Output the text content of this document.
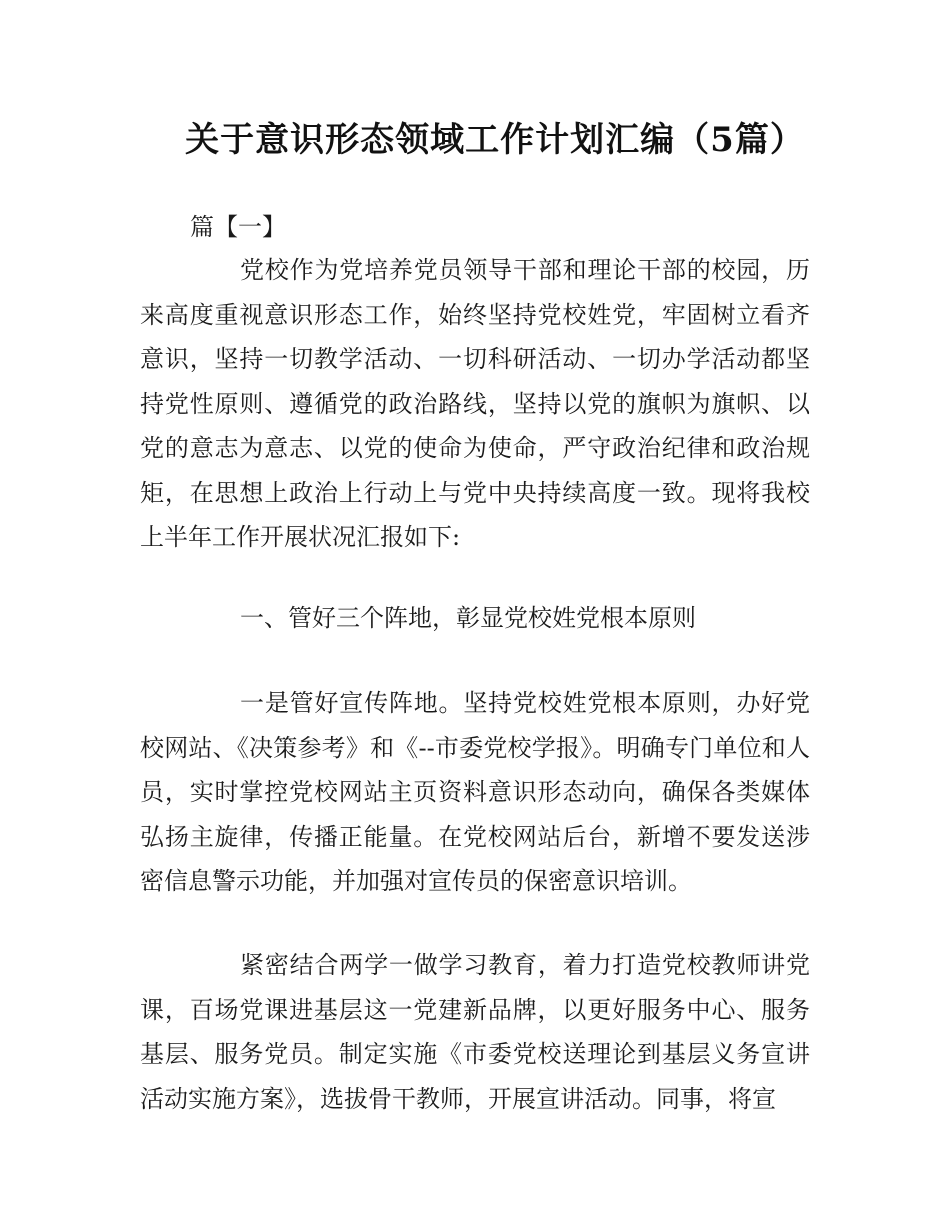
关于意识形态领域工作计划汇编（5篇）
篇【一】

党校作为党培养党员领导干部和理论干部的校园，历来高度重视意识形态工作，始终坚持党校姓党，牢固树立看齐意识，坚持一切教学活动、一切科研活动、一切办学活动都坚持党性原则、遵循党的政治路线，坚持以党的旗帜为旗帜、以党的意志为意志、以党的使命为使命，严守政治纪律和政治规矩，在思想上政治上行动上与党中央持续高度一致。现将我校上半年工作开展状况汇报如下:

一、管好三个阵地，彰显党校姓党根本原则

一是管好宣传阵地。坚持党校姓党根本原则，办好党校网站、《决策参考》和《--市委党校学报》。明确专门单位和人员，实时掌控党校网站主页资料意识形态动向，确保各类媒体弘扬主旋律，传播正能量。在党校网站后台，新增不要发送涉密信息警示功能，并加强对宣传员的保密意识培训。

紧密结合两学一做学习教育，着力打造党校教师讲党课，百场党课进基层这一党建新品牌，以更好服务中心、服务基层、服务党员。制定实施《市委党校送理论到基层义务宣讲活动实施方案》，选拔骨干教师，开展宣讲活动。同事，将宣
